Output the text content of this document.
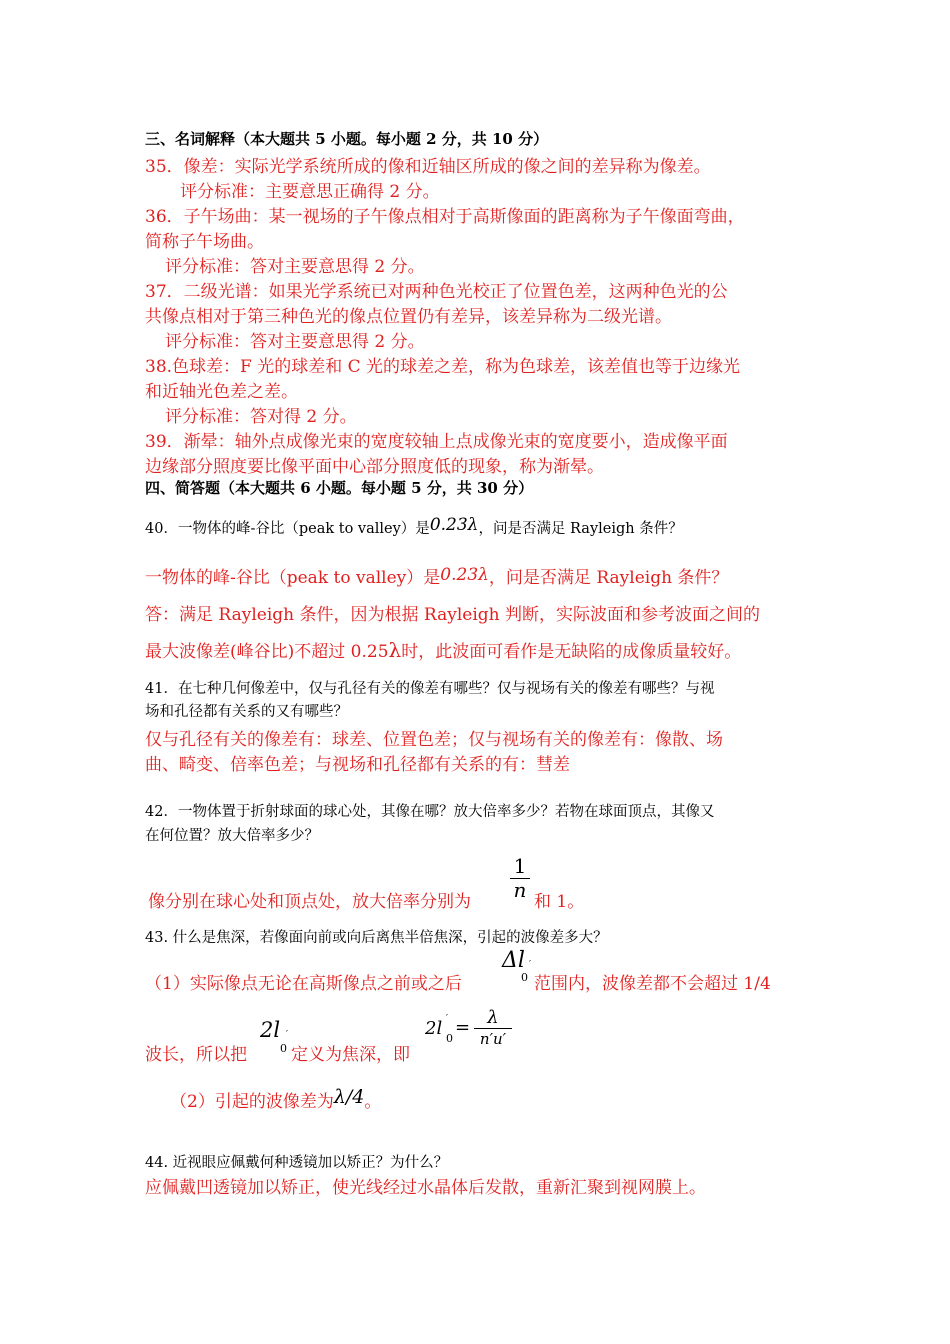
三、名词解释（本大题共 5 小题。每小题 2 分，共 10 分）
35．像差：实际光学系统所成的像和近轴区所成的像之间的差异称为像差。
评分标准：主要意思正确得 2 分。
36．子午场曲：某一视场的子午像点相对于高斯像面的距离称为子午像面弯曲，
简称子午场曲。
评分标准：答对主要意思得 2 分。
37．二级光谱：如果光学系统已对两种色光校正了位置色差，这两种色光的公
共像点相对于第三种色光的像点位置仍有差异，该差异称为二级光谱。
评分标准：答对主要意思得 2 分。
38.色球差：F 光的球差和 C 光的球差之差，称为色球差，该差值也等于边缘光
和近轴光色差之差。
评分标准：答对得 2 分。
39．渐晕：轴外点成像光束的宽度较轴上点成像光束的宽度要小，造成像平面
边缘部分照度要比像平面中心部分照度低的现象，称为渐晕。
四、简答题（本大题共 6 小题。每小题 5 分，共 30 分）
40．一物体的峰-谷比（peak to valley）是0.23λ，问是否满足 Rayleigh 条件？
一物体的峰-谷比（peak to valley）是0.23λ，问是否满足 Rayleigh 条件？
答：满足 Rayleigh 条件，因为根据 Rayleigh 判断，实际波面和参考波面之间的
最大波像差(峰谷比)不超过 0.25λ时，此波面可看作是无缺陷的成像质量较好。
41．在七种几何像差中，仅与孔径有关的像差有哪些？仅与视场有关的像差有哪些？与视
场和孔径都有关系的又有哪些？
仅与孔径有关的像差有：球差、位置色差；仅与视场有关的像差有：像散、场
曲、畸变、倍率色差；与视场和孔径都有关系的有：彗差
42．一物体置于折射球面的球心处，其像在哪？放大倍率多少？若物在球面顶点，其像又
在何位置？放大倍率多少？
1
n
像分别在球心处和顶点处，放大倍率分别为	和 1。
43. 什么是焦深，若像面向前或向后离焦半倍焦深，引起的波像差多大？
（1）实际像点无论在高斯像点之前或之后
Δl
0
′
范围内，波像差都不会超过 1/4
波长，所以把
2l
0
′
定义为焦深，即
2l 0
′ = λ
n′u′
（2）引起的波像差为λ/4。
44. 近视眼应佩戴何种透镜加以矫正？为什么？
应佩戴凹透镜加以矫正，使光线经过水晶体后发散，重新汇聚到视网膜上。
